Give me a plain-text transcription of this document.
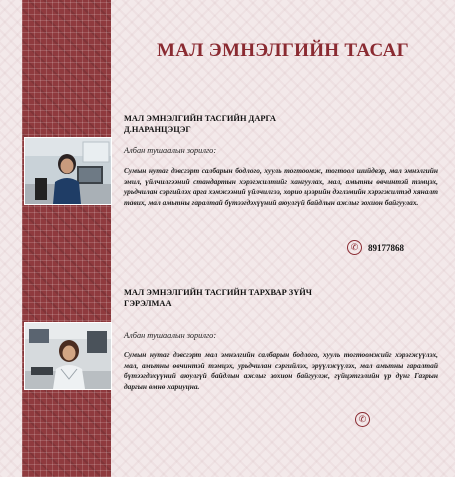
МАЛ ЭМНЭЛГИЙН ТАСАГ
МАЛ ЭМНЭЛГИЙН ТАСГИЙН ДАРГА
Д.НАРАНЦЭЦЭГ
Албан тушаалын зорилго:
Сумын нутаг дэвсгэрт салбарын бодлого, хууль тогтоомж, тогтоол шийдвэр, мал эмнэлгийн эмил, үйлчилгээний стандартын хэрэгжилтийг хангуулах, мал, амьтны өвчинтэй тэмцэх, урьдчилан сэргийлэх арга хэмжээний үйлчилгээ, хорио цээрийн дэглэмийн хэрэгжилтэд хяналт тавих, мал амьтны гаралтай бүтээгдэхүүний аюулгүй байдлын ажлыг зохион байгуулах.
✆	89177868
МАЛ ЭМНЭЛГИЙН ТАСГИЙН ТАРХВАР ЗҮЙЧ
ГЭРЭЛМАА
Албан тушаалын зорилго:
Сумын нутаг дэвсгэрт мал эмнэлгийн салбарын бодлого, хууль тогтоомжийг хэрэгжүүлэх, мал, амьтны өвчинтэй тэмцэх, урьдчилан сэргийлэх, эрүүлжүүлэх, мал амьтны гаралтай бүтээгдэхүүний аюулгүй байдлын ажлыг зохион байгуулж, гүйцэтгэлийн үр дүнг Газрын даргын өмнө хариуцна.
✆
